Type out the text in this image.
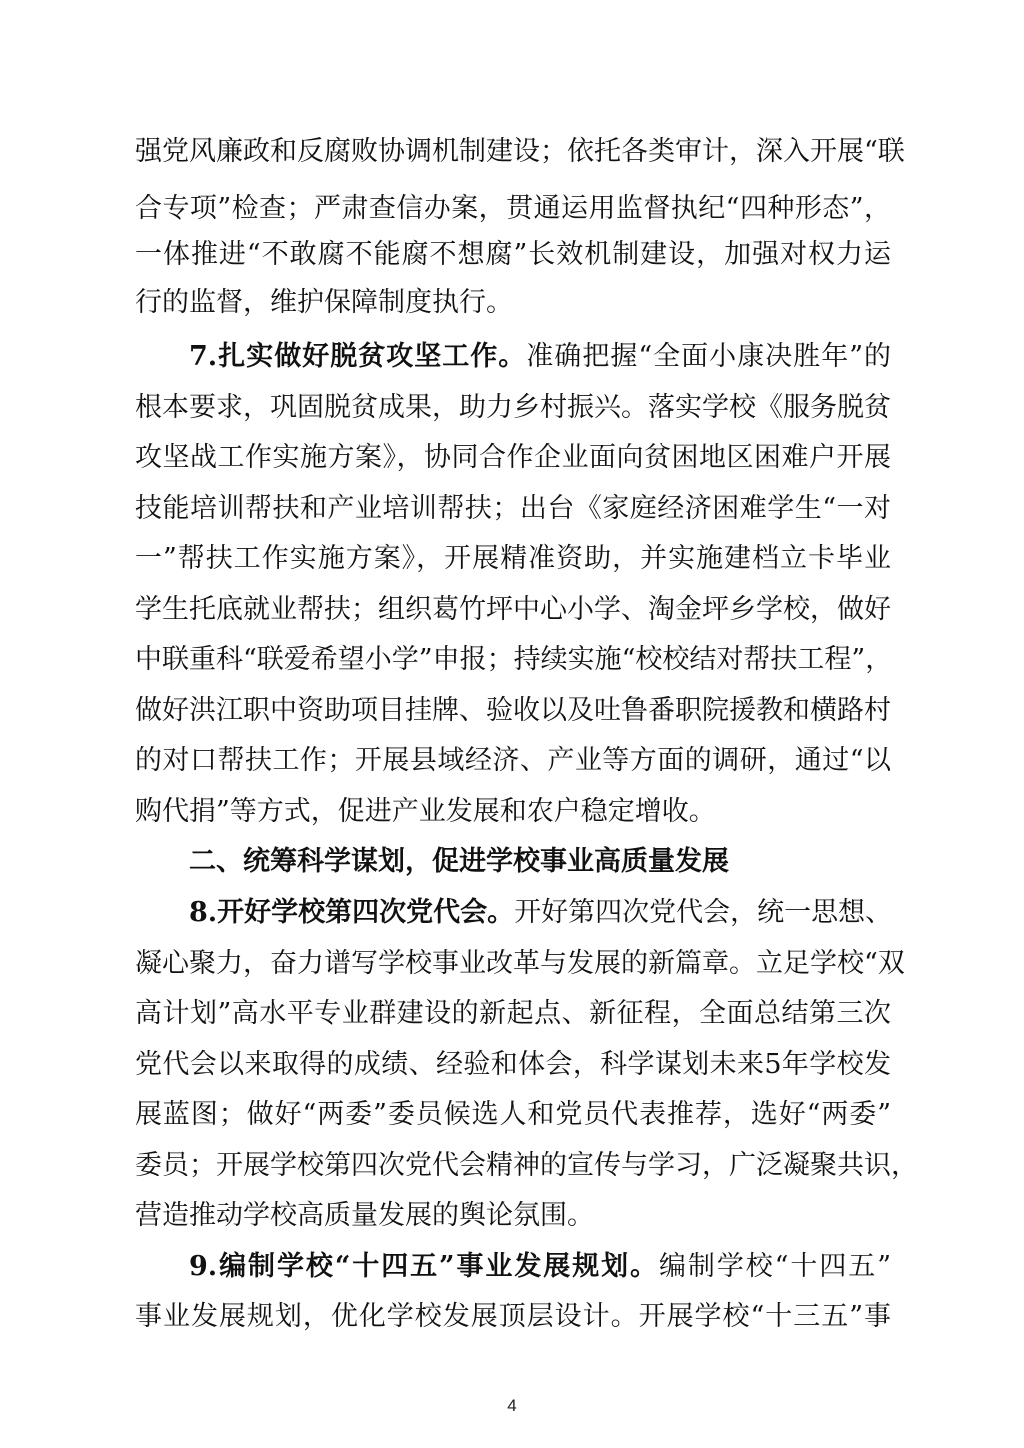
强党风廉政和反腐败协调机制建设；依托各类审计，深入开展“联
合专项”检查；严肃查信办案，贯通运用监督执纪“四种形态”，
一体推进“不敢腐不能腐不想腐”长效机制建设，加强对权力运
行的监督，维护保障制度执行。
7.扎实做好脱贫攻坚工作。准确把握“全面小康决胜年”的
根本要求，巩固脱贫成果，助力乡村振兴。落实学校《服务脱贫
攻坚战工作实施方案》，协同合作企业面向贫困地区困难户开展
技能培训帮扶和产业培训帮扶；出台《家庭经济困难学生“一对
一”帮扶工作实施方案》，开展精准资助，并实施建档立卡毕业
学生托底就业帮扶；组织葛竹坪中心小学、淘金坪乡学校，做好
中联重科“联爱希望小学”申报；持续实施“校校结对帮扶工程”，
做好洪江职中资助项目挂牌、验收以及吐鲁番职院援教和横路村
的对口帮扶工作；开展县域经济、产业等方面的调研，通过“以
购代捐”等方式，促进产业发展和农户稳定增收。
二、统筹科学谋划，促进学校事业高质量发展
8.开好学校第四次党代会。开好第四次党代会，统一思想、
凝心聚力，奋力谱写学校事业改革与发展的新篇章。立足学校“双
高计划”高水平专业群建设的新起点、新征程，全面总结第三次
党代会以来取得的成绩、经验和体会，科学谋划未来5年学校发
展蓝图；做好“两委”委员候选人和党员代表推荐，选好“两委”
委员；开展学校第四次党代会精神的宣传与学习，广泛凝聚共识，
营造推动学校高质量发展的舆论氛围。
9.编制学校“十四五”事业发展规划。编制学校“十四五”
事业发展规划，优化学校发展顶层设计。开展学校“十三五”事
4
